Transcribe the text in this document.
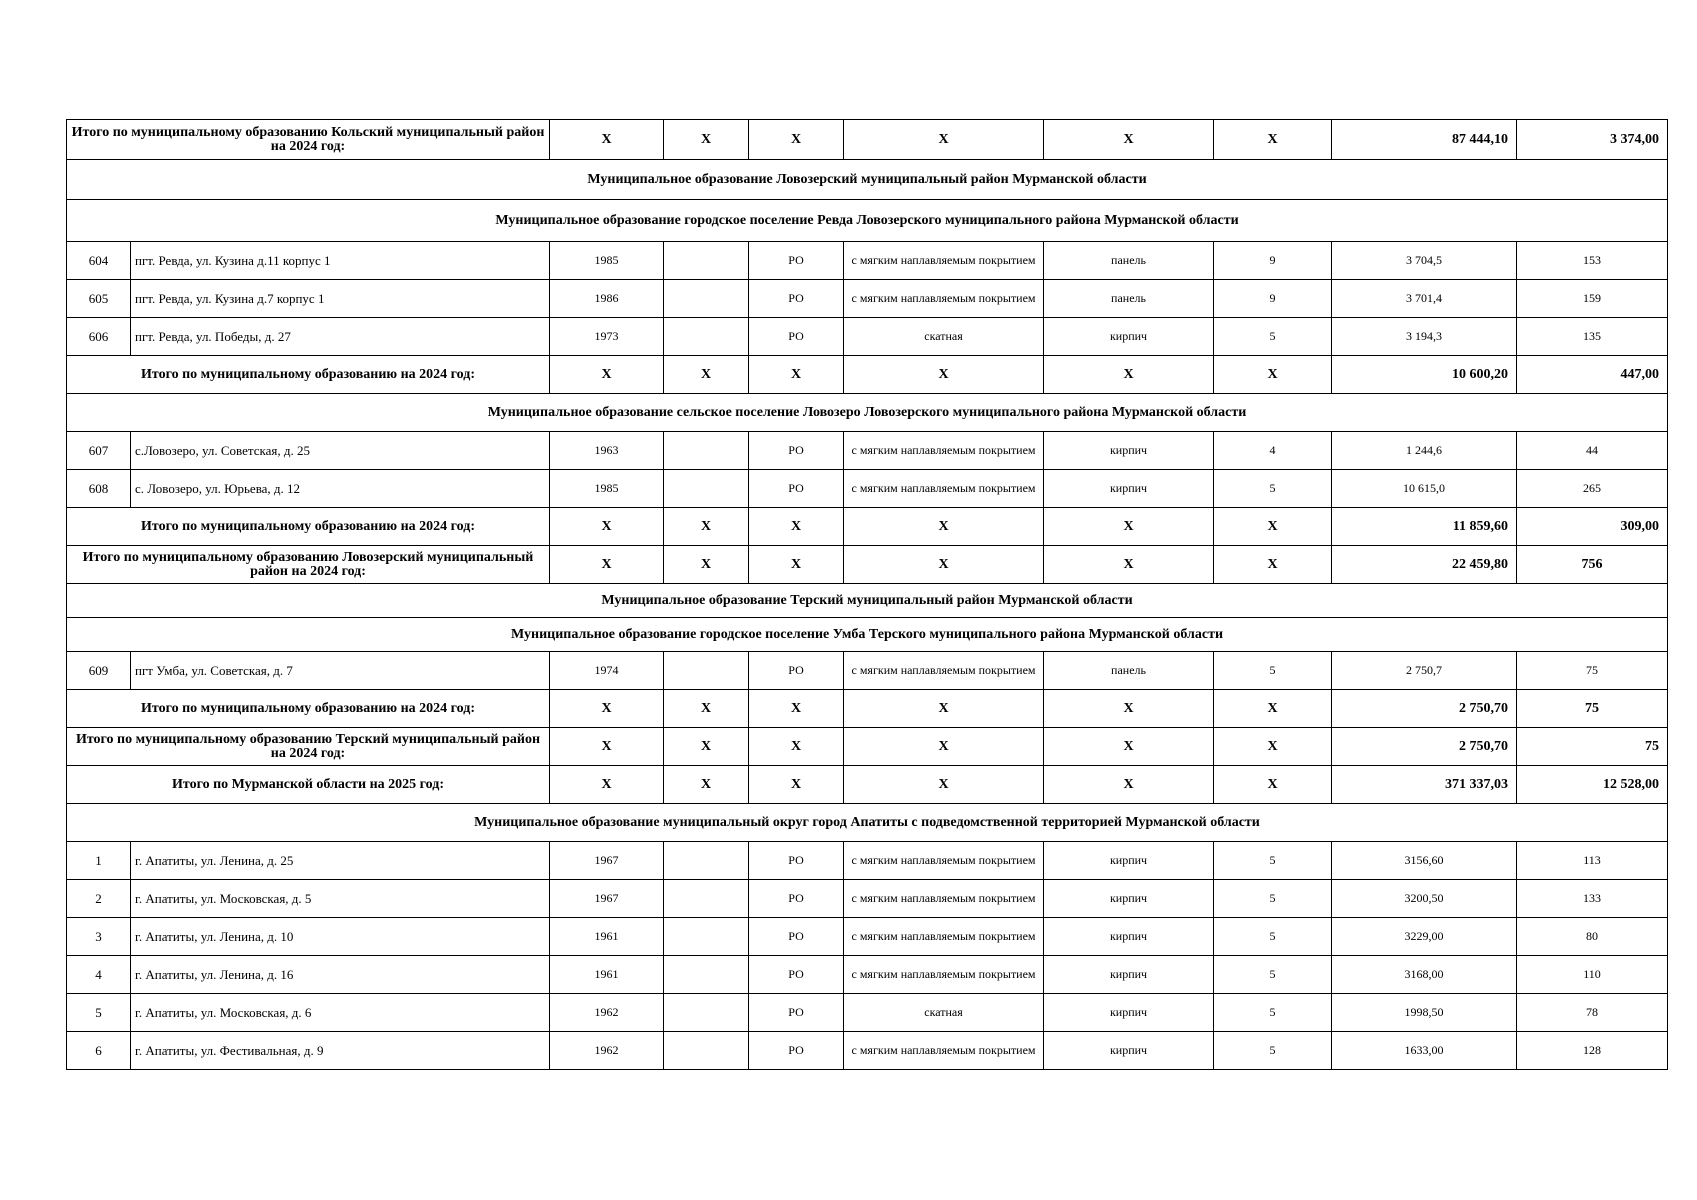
Итого по муниципальному образованию Кольский муниципальный район на 2024 год:		X	X	X	X	X	X	87 444,10	3 374,00
Муниципальное образование Ловозерский муниципальный район Мурманской области									
Муниципальное образование городское поселение Ревда Ловозерского муниципального района Мурманской области									
604	пгт. Ревда, ул. Кузина д.11 корпус 1	1985		РО	с мягким наплавляемым покрытием	панель	9	3 704,5	153
605	пгт. Ревда, ул. Кузина д.7 корпус 1	1986		РО	с мягким наплавляемым покрытием	панель	9	3 701,4	159
606	пгт. Ревда, ул. Победы, д. 27	1973		РО	скатная	кирпич	5	3 194,3	135
Итого по муниципальному образованию на 2024 год:		X	X	X	X	X	X	10 600,20	447,00
Муниципальное образование сельское поселение Ловозеро Ловозерского муниципального района Мурманской области									
607	с.Ловозеро, ул. Советская, д. 25	1963		РО	с мягким наплавляемым покрытием	кирпич	4	1 244,6	44
608	с. Ловозеро, ул. Юрьева, д. 12	1985		РО	с мягким наплавляемым покрытием	кирпич	5	10 615,0	265
Итого по муниципальному образованию на 2024 год:		X	X	X	X	X	X	11 859,60	309,00
Итого по муниципальному образованию Ловозерский муниципальный район на 2024 год:		X	X	X	X	X	X	22 459,80	756
Муниципальное образование Терский муниципальный район Мурманской области									
Муниципальное образование городское поселение Умба Терского муниципального района Мурманской области									
609	пгт Умба, ул. Советская, д. 7	1974		РО	с мягким наплавляемым покрытием	панель	5	2 750,7	75
Итого по муниципальному образованию на 2024 год:		X	X	X	X	X	X	2 750,70	75
Итого по муниципальному образованию Терский муниципальный район на 2024 год:		X	X	X	X	X	X	2 750,70	75
Итого по Мурманской области на 2025 год:		X	X	X	X	X	X	371 337,03	12 528,00
Муниципальное образование муниципальный округ город Апатиты с подведомственной территорией Мурманской области									
1	г. Апатиты, ул. Ленина, д. 25	1967		РО	с мягким наплавляемым покрытием	кирпич	5	3156,60	113
2	г. Апатиты, ул. Московская, д. 5	1967		РО	с мягким наплавляемым покрытием	кирпич	5	3200,50	133
3	г. Апатиты, ул. Ленина, д. 10	1961		РО	с мягким наплавляемым покрытием	кирпич	5	3229,00	80
4	г. Апатиты, ул. Ленина, д. 16	1961		РО	с мягким наплавляемым покрытием	кирпич	5	3168,00	110
5	г. Апатиты, ул. Московская, д. 6	1962		РО	скатная	кирпич	5	1998,50	78
6	г. Апатиты, ул. Фестивальная, д. 9	1962		РО	с мягким наплавляемым покрытием	кирпич	5	1633,00	128
